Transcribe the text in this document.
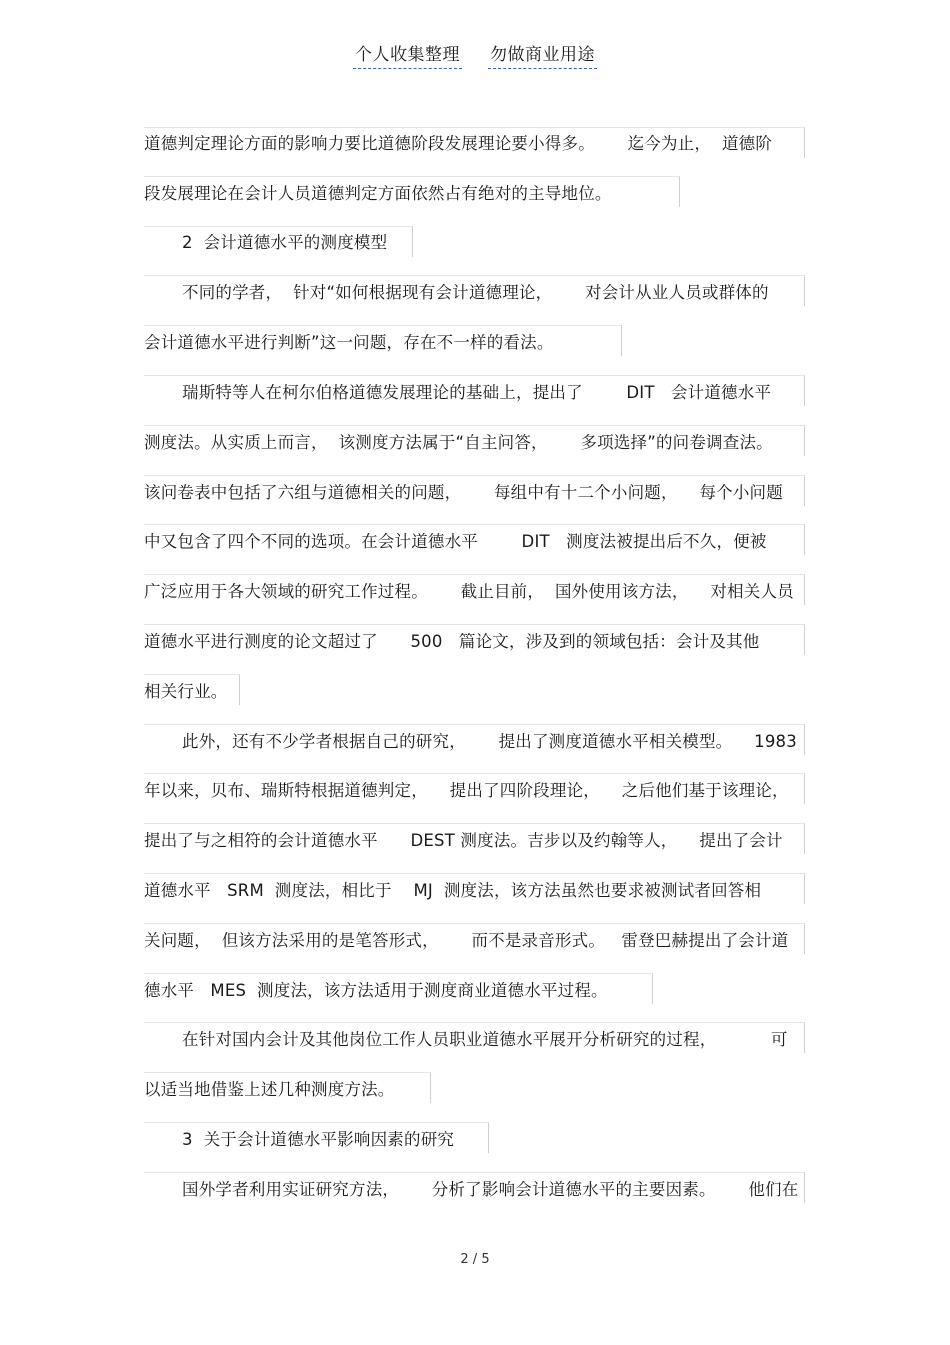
个人收集整理 勿做商业用途
道德判定理论方面的影响力要比道德阶段发展理论要小得多。      迄今为止，  道德阶
段发展理论在会计人员道德判定方面依然占有绝对的主导地位。
2  会计道德水平的测度模型
不同的学者，  针对“如何根据现有会计道德理论，      对会计从业人员或群体的
会计道德水平进行判断”这一问题，存在不一样的看法。
瑞斯特等人在柯尔伯格道德发展理论的基础上，提出了        DIT   会计道德水平
测度法。从实质上而言，  该测度方法属于“自主问答，      多项选择”的问卷调查法。
该问卷表中包括了六组与道德相关的问题，      每组中有十二个小问题，    每个小问题
中又包含了四个不同的选项。在会计道德水平        DIT   测度法被提出后不久，便被
广泛应用于各大领域的研究工作过程。      截止目前，  国外使用该方法，    对相关人员
道德水平进行测度的论文超过了      500   篇论文，涉及到的领域包括：会计及其他
相关行业。
此外，还有不少学者根据自己的研究，      提出了测度道德水平相关模型。    1983
年以来，贝布、瑞斯特根据道德判定，    提出了四阶段理论，    之后他们基于该理论，
提出了与之相符的会计道德水平      DEST 测度法。吉步以及约翰等人，    提出了会计
道德水平   SRM  测度法，相比于    MJ  测度法，该方法虽然也要求被测试者回答相
关问题，  但该方法采用的是笔答形式，      而不是录音形式。   雷登巴赫提出了会计道
德水平   MES  测度法，该方法适用于测度商业道德水平过程。
在针对国内会计及其他岗位工作人员职业道德水平展开分析研究的过程，          可
以适当地借鉴上述几种测度方法。
3  关于会计道德水平影响因素的研究
国外学者利用实证研究方法，      分析了影响会计道德水平的主要因素。      他们在
2 / 5
